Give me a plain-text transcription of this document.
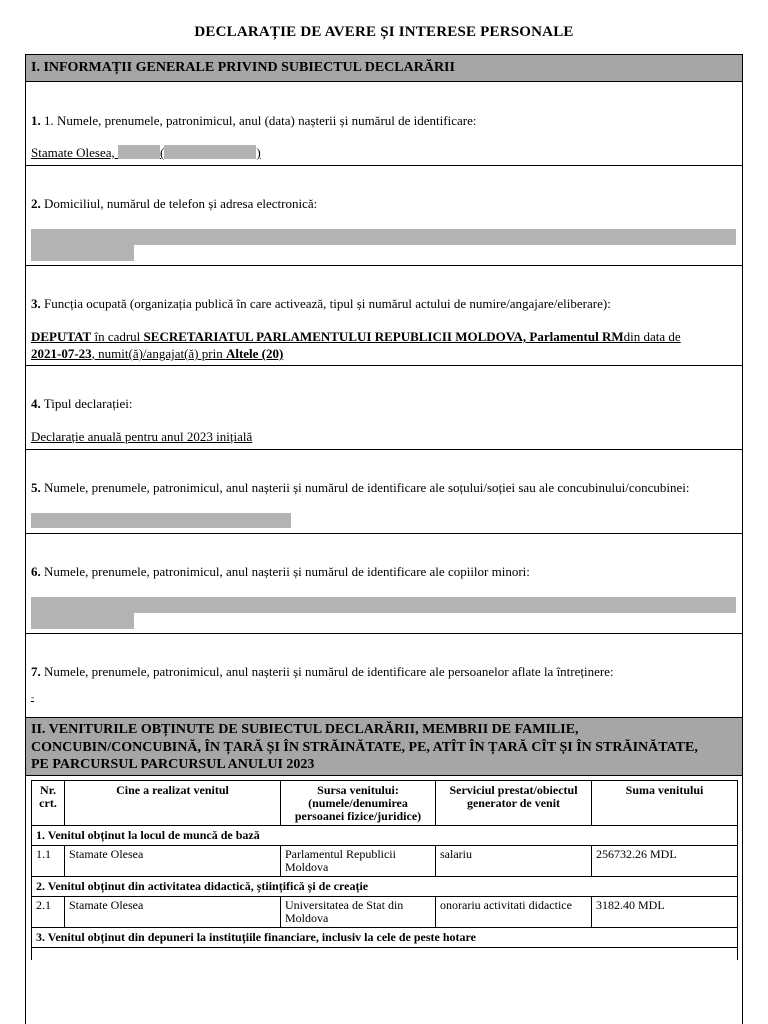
DECLARAȚIE DE AVERE ȘI INTERESE PERSONALE
I. INFORMAȚII GENERALE PRIVIND SUBIECTUL DECLARĂRII
1. 1. Numele, prenumele, patronimicul, anul (data) nașterii și numărul de identificare:
Stamate Olesea,	(	)
2. Domiciliul, numărul de telefon și adresa electronică:
3. Funcția ocupată (organizația publică în care activează, tipul și numărul actului de numire/angajare/eliberare):
DEPUTAT în cadrul SECRETARIATUL PARLAMENTULUI REPUBLICII MOLDOVA, Parlamentul RMdin data de
2021-07-23, numit(ă)/angajat(ă) prin Altele (20)
4. Tipul declarației:
Declarație anuală pentru anul 2023 inițială
5. Numele, prenumele, patronimicul, anul nașterii și numărul de identificare ale soțului/soției sau ale concubinului/concubinei:
6. Numele, prenumele, patronimicul, anul nașterii și numărul de identificare ale copiilor minori:
7. Numele, prenumele, patronimicul, anul nașterii și numărul de identificare ale persoanelor aflate la întreținere:
-
II. VENITURILE OBȚINUTE DE SUBIECTUL DECLARĂRII, MEMBRII DE FAMILIE,
CONCUBIN/CONCUBINĂ, ÎN ȚARĂ ȘI ÎN STRĂINĂTATE, PE, ATÎT ÎN ȚARĂ CÎT ȘI ÎN STRĂINĂTATE,
PE PARCURSUL PARCURSUL ANULUI 2023
Nr. crt.	Cine a realizat venitul	Sursa venitului: (numele/denumirea persoanei fizice/juridice)	Serviciul prestat/obiectul generator de venit	Suma venitului
1. Venitul obținut la locul de muncă de bază				
1.1	Stamate Olesea	Parlamentul Republicii Moldova	salariu	256732.26 MDL
2. Venitul obținut din activitatea didactică, științifică și de creație				
2.1	Stamate Olesea	Universitatea de Stat din Moldova	onorariu activitati didactice	3182.40 MDL
3. Venitul obținut din depuneri la instituțiile financiare, inclusiv la cele de peste hotare				
